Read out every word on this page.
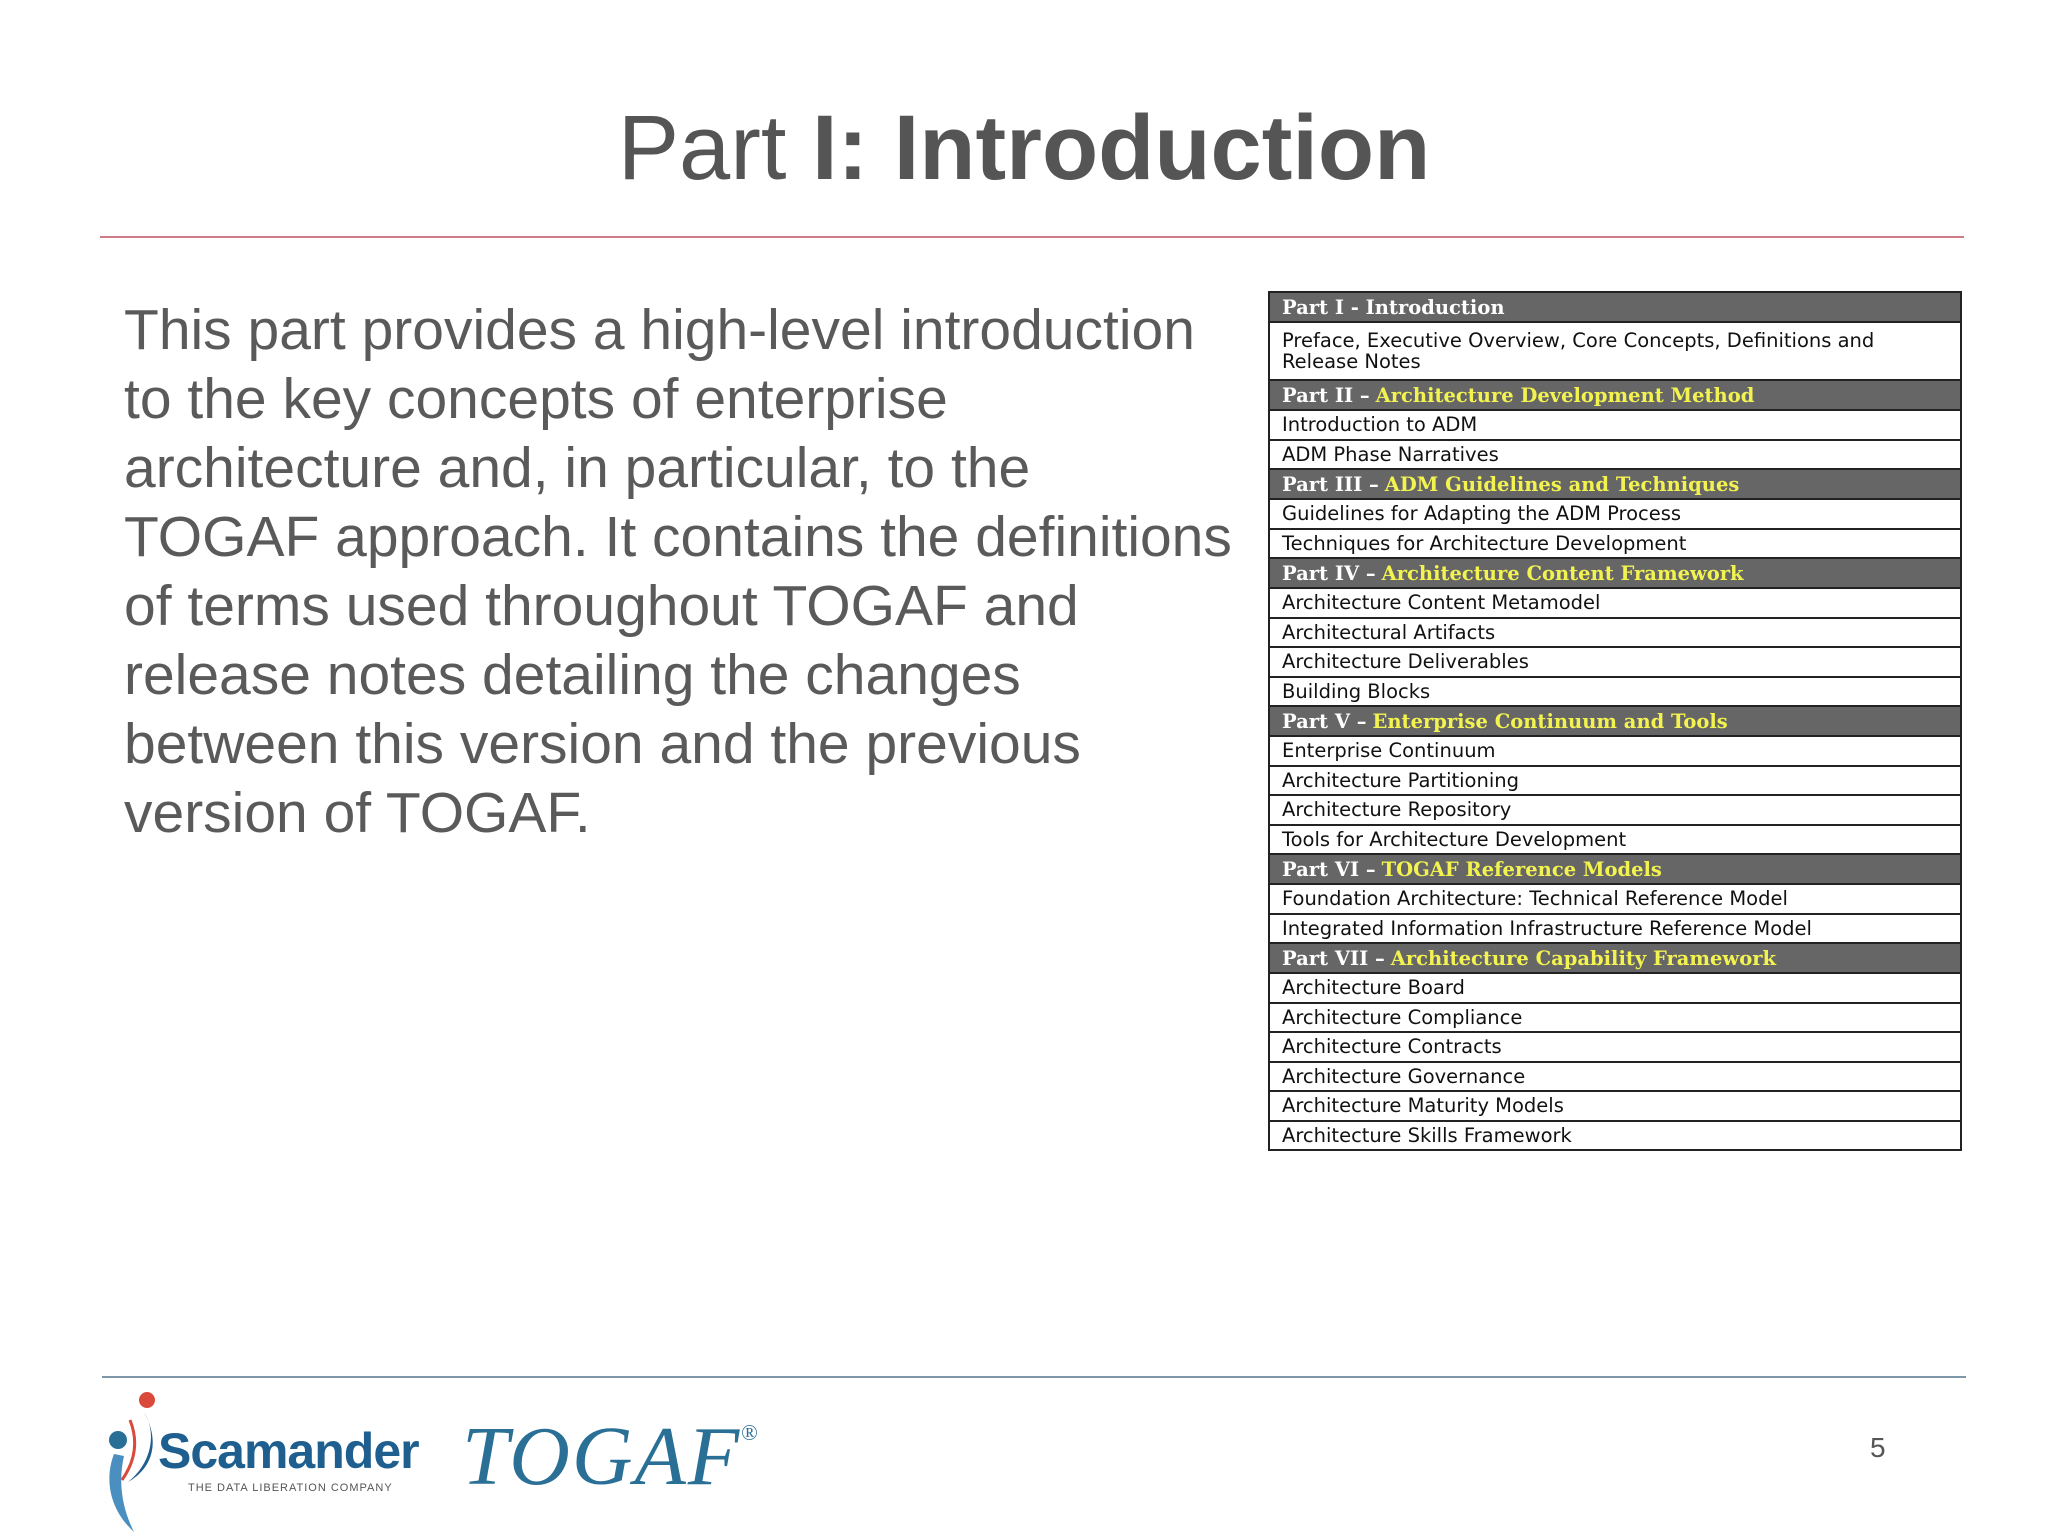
Part I: Introduction
This part provides a high-level introduction to the key concepts of enterprise architecture and, in particular, to the TOGAF approach. It contains the definitions of terms used throughout TOGAF and release notes detailing the changes between this version and the previous version of TOGAF.
Part I - Introduction
Preface, Executive Overview, Core Concepts, Definitions and Release Notes
Part II – Architecture Development Method
Introduction to ADM
ADM Phase Narratives
Part III – ADM Guidelines and Techniques
Guidelines for Adapting the ADM Process
Techniques for Architecture Development
Part IV – Architecture Content Framework
Architecture Content Metamodel
Architectural Artifacts
Architecture Deliverables
Building Blocks
Part V – Enterprise Continuum and Tools
Enterprise Continuum
Architecture Partitioning
Architecture Repository
Tools for Architecture Development
Part VI – TOGAF Reference Models
Foundation Architecture: Technical Reference Model
Integrated Information Infrastructure Reference Model
Part VII – Architecture Capability Framework
Architecture Board
Architecture Compliance
Architecture Contracts
Architecture Governance
Architecture Maturity Models
Architecture Skills Framework
Scamander
THE DATA LIBERATION COMPANY TOGAF®	5
